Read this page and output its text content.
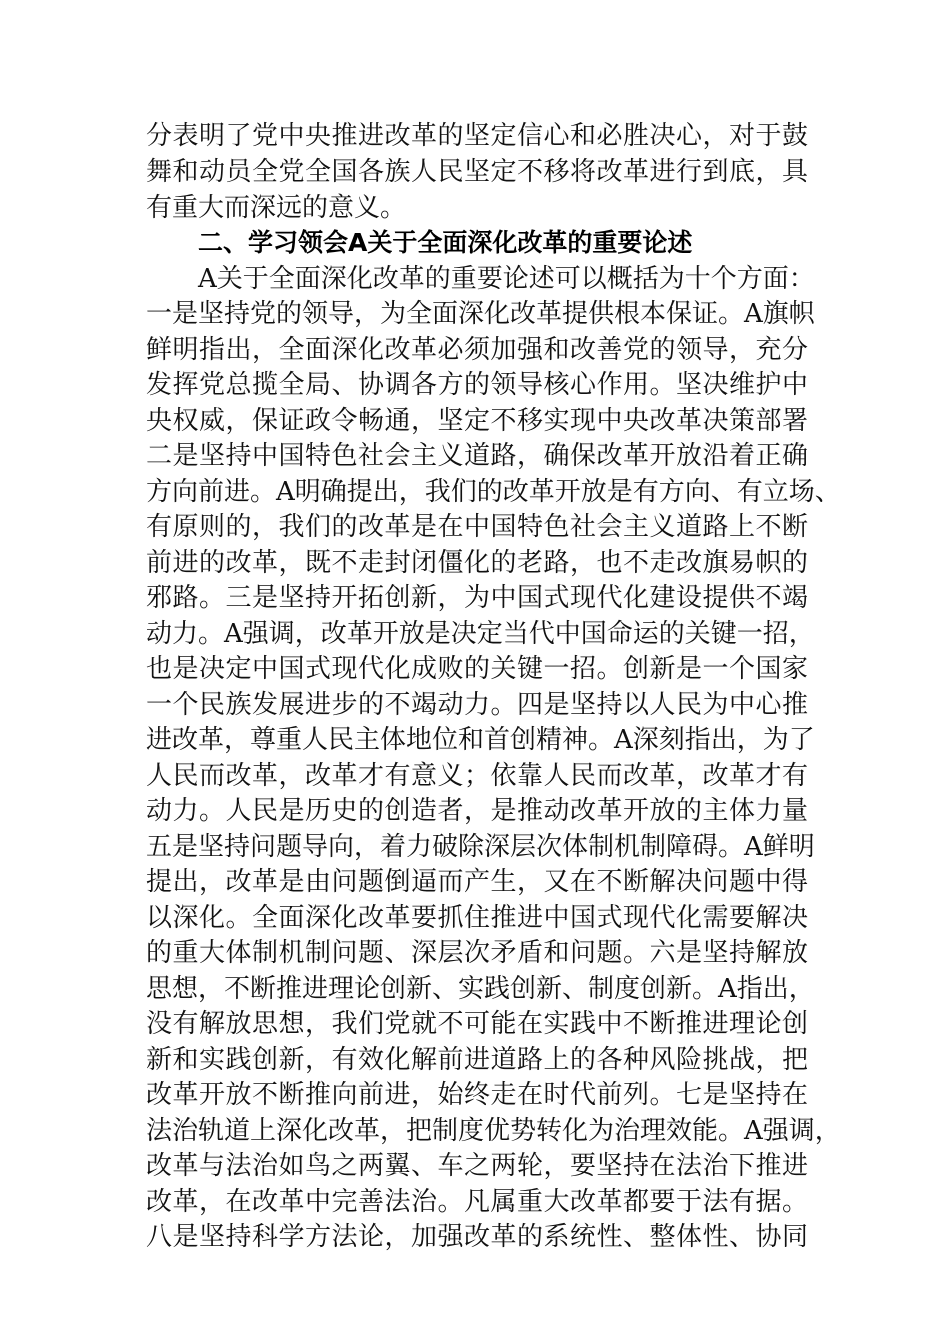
分表明了党中央推进改革的坚定信心和必胜决心，对于鼓
舞和动员全党全国各族人民坚定不移将改革进行到底，具
有重大而深远的意义。
二、学习领会A关于全面深化改革的重要论述
A关于全面深化改革的重要论述可以概括为十个方面：
一是坚持党的领导，为全面深化改革提供根本保证。A旗帜
鲜明指出，全面深化改革必须加强和改善党的领导，充分
发挥党总揽全局、协调各方的领导核心作用。坚决维护中
央权威，保证政令畅通，坚定不移实现中央改革决策部署
二是坚持中国特色社会主义道路，确保改革开放沿着正确
方向前进。A明确提出，我们的改革开放是有方向、有立场、
有原则的，我们的改革是在中国特色社会主义道路上不断
前进的改革，既不走封闭僵化的老路，也不走改旗易帜的
邪路。三是坚持开拓创新，为中国式现代化建设提供不竭
动力。A强调，改革开放是决定当代中国命运的关键一招，
也是决定中国式现代化成败的关键一招。创新是一个国家
一个民族发展进步的不竭动力。四是坚持以人民为中心推
进改革，尊重人民主体地位和首创精神。A深刻指出，为了
人民而改革，改革才有意义；依靠人民而改革，改革才有
动力。人民是历史的创造者，是推动改革开放的主体力量
五是坚持问题导向，着力破除深层次体制机制障碍。A鲜明
提出，改革是由问题倒逼而产生，又在不断解决问题中得
以深化。全面深化改革要抓住推进中国式现代化需要解决
的重大体制机制问题、深层次矛盾和问题。六是坚持解放
思想，不断推进理论创新、实践创新、制度创新。A指出，
没有解放思想，我们党就不可能在实践中不断推进理论创
新和实践创新，有效化解前进道路上的各种风险挑战，把
改革开放不断推向前进，始终走在时代前列。七是坚持在
法治轨道上深化改革，把制度优势转化为治理效能。A强调，
改革与法治如鸟之两翼、车之两轮，要坚持在法治下推进
改革，在改革中完善法治。凡属重大改革都要于法有据。
八是坚持科学方法论，加强改革的系统性、整体性、协同
